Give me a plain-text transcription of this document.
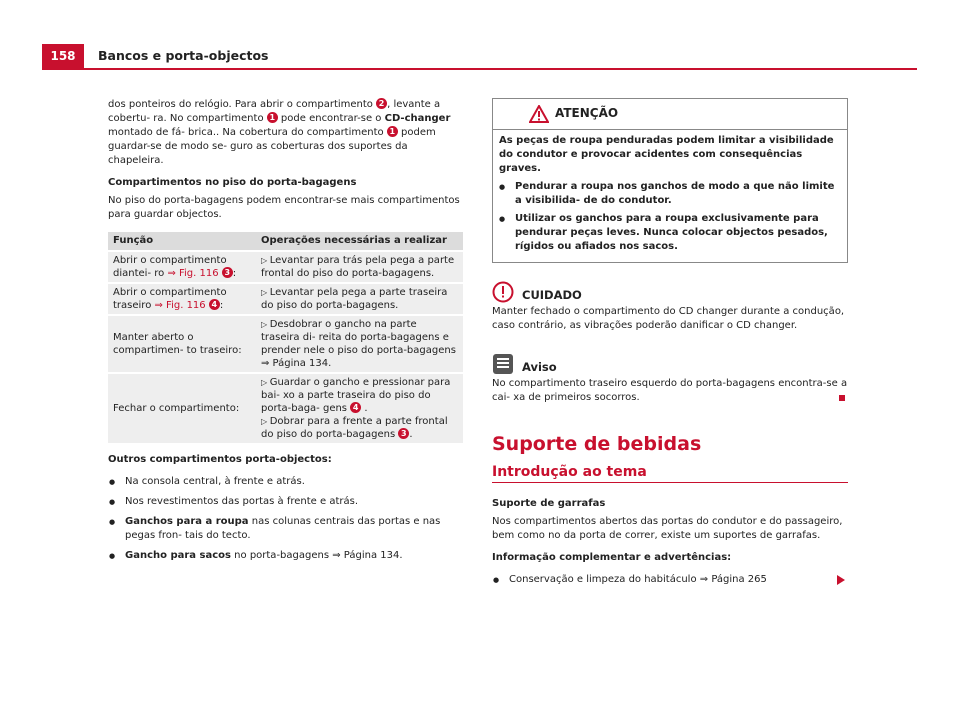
158	Bancos e porta-objectos

dos ponteiros do relógio. Para abrir o compartimento 2 , levante a cobertu- ra. No compartimento 1 pode encontrar-se o CD-changer montado de fá- brica.. Na cobertura do compartimento 1 podem guardar-se de modo se- guro as coberturas dos suportes da chapeleira.

Compartimentos no piso do porta-bagagens

No piso do porta-bagagens podem encontrar-se mais compartimentos para guardar objectos.

Função	Operações necessárias a realizar
Abrir o compartimento diantei- ro ⇒ Fig. 116 3 :	▷ Levantar para trás pela pega a parte frontal do piso do porta-bagagens.

Abrir o compartimento traseiro ⇒ Fig. 116 4 :	▷ Levantar pela pega a parte traseira do piso do porta-bagagens.

Manter aberto o compartimen- to traseiro:	▷ Desdobrar o gancho na parte traseira di- reita do porta-bagagens e prender nele o piso do porta-bagagens ⇒ Página 134.

Fechar o compartimento:	▷ Guardar o gancho e pressionar para bai- xo a parte traseira do piso do porta-baga- gens 4 .
▷ Dobrar para a frente a parte frontal do piso do porta-bagagens 3 .

Outros compartimentos porta-objectos:

● Na consola central, à frente e atrás.
● Nos revestimentos das portas à frente e atrás.
● Ganchos para a roupa nas colunas centrais das portas e nas pegas fron- tais do tecto.
● Gancho para sacos no porta-bagagens ⇒ Página 134.
ATENÇÃO

As peças de roupa penduradas podem limitar a visibilidade do condutor e provocar acidentes com consequências graves.

● Pendurar a roupa nos ganchos de modo a que não limite a visibilida- de do condutor.

● Utilizar os ganchos para a roupa exclusivamente para pendurar peças leves. Nunca colocar objectos pesados, rígidos ou afiados nos sacos.

CUIDADO

Manter fechado o compartimento do CD changer durante a condução, caso contrário, as vibrações poderão danificar o CD changer.

Aviso

No compartimento traseiro esquerdo do porta-bagagens encontra-se a cai- xa de primeiros socorros.

Suporte de bebidas
Introdução ao tema

Suporte de garrafas

Nos compartimentos abertos das portas do condutor e do passageiro, bem como no da porta de correr, existe um suportes de garrafas.

Informação complementar e advertências:

● Conservação e limpeza do habitáculo ⇒ Página 265
